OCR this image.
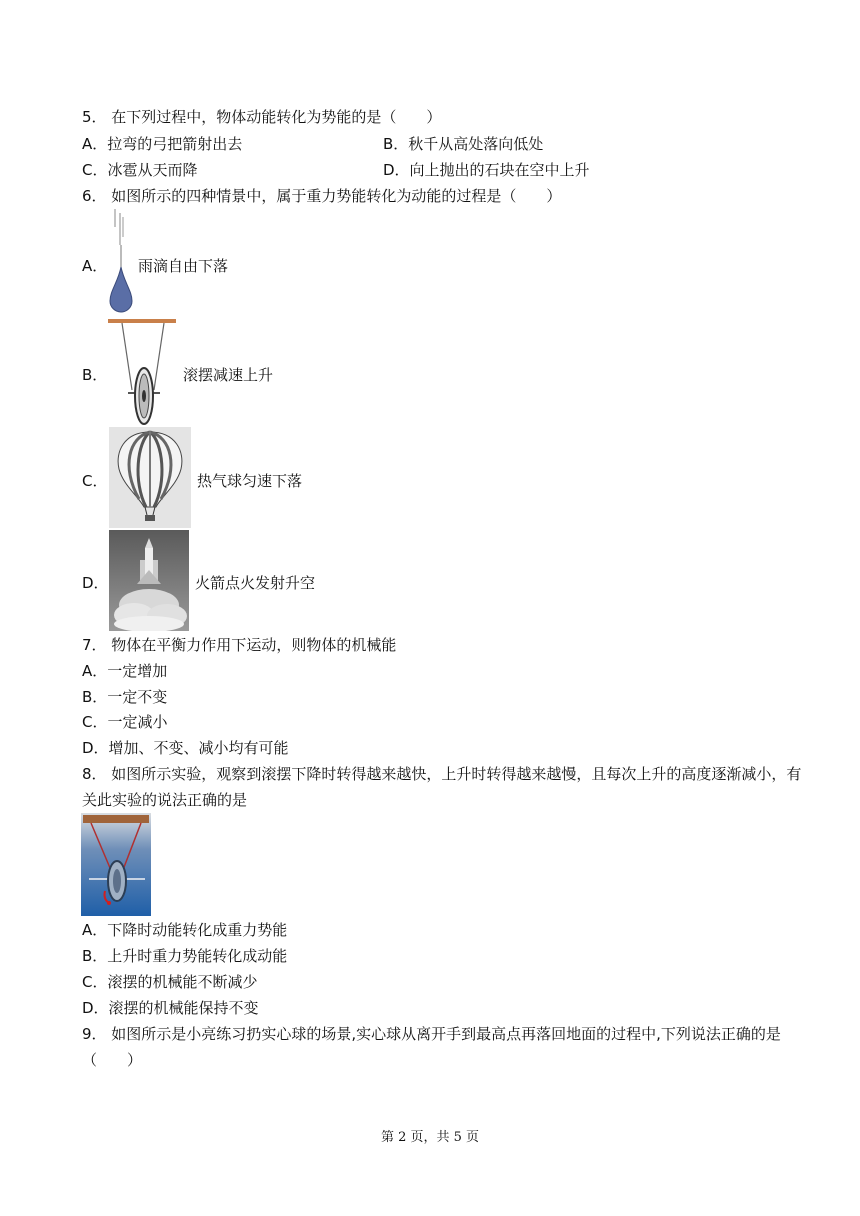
5． 在下列过程中，物体动能转化为势能的是（　　）
A．拉弯的弓把箭射出去	B．秋千从高处落向低处
C．冰雹从天而降	D．向上抛出的石块在空中上升
6． 如图所示的四种情景中，属于重力势能转化为动能的过程是（　　）
A． 雨滴自由下落
B．	滚摆减速上升
C．	热气球匀速下落
D．	火箭点火发射升空
7． 物体在平衡力作用下运动，则物体的机械能
A．一定增加
B．一定不变
C．一定减小
D．增加、不变、减小均有可能
8． 如图所示实验，观察到滚摆下降时转得越来越快，上升时转得越来越慢，且每次上升的高度逐渐减小，有
关此实验的说法正确的是
A．下降时动能转化成重力势能
B．上升时重力势能转化成动能
C．滚摆的机械能不断减少
D．滚摆的机械能保持不变
9． 如图所示是小亮练习扔实心球的场景,实心球从离开手到最高点再落回地面的过程中,下列说法正确的是
（　　）
第 2 页，共 5 页
